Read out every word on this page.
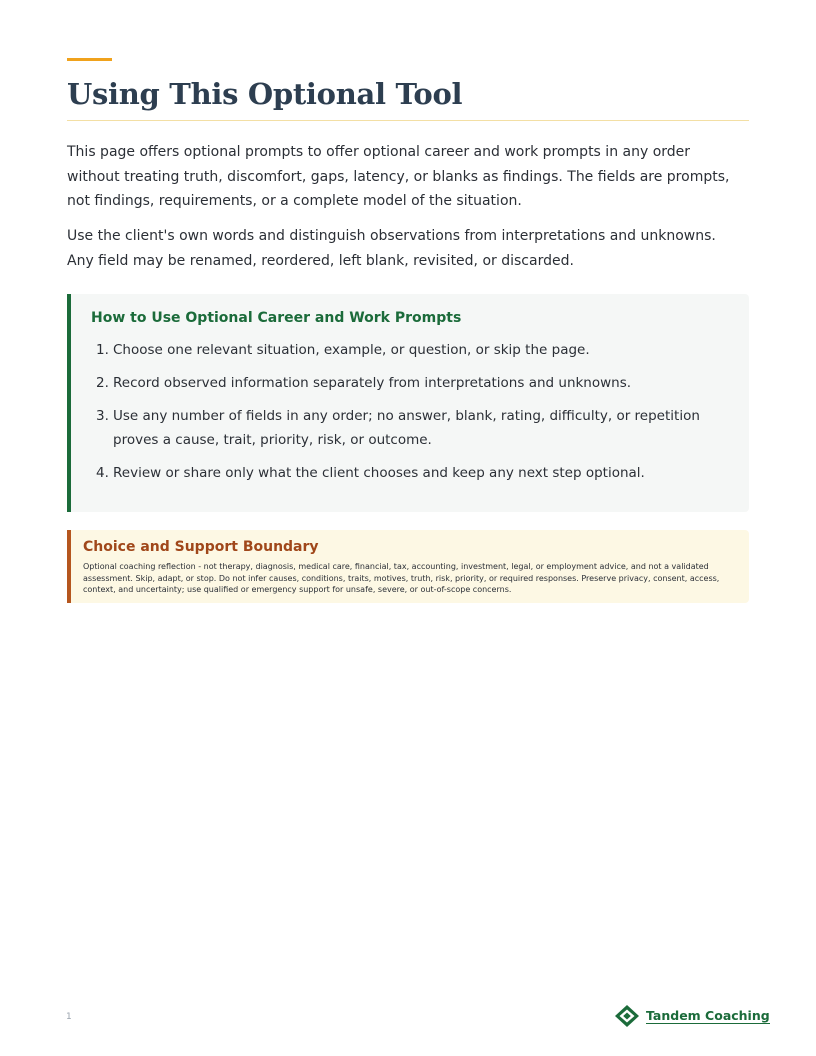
Using This Optional Tool

This page offers optional prompts to offer optional career and work prompts in any order without treating truth, discomfort, gaps, latency, or blanks as findings. The fields are prompts, not findings, requirements, or a complete model of the situation.

Use the client's own words and distinguish observations from interpretations and unknowns. Any field may be renamed, reordered, left blank, revisited, or discarded.

How to Use Optional Career and Work Prompts
1. Choose one relevant situation, example, or question, or skip the page.
2. Record observed information separately from interpretations and unknowns.
3. Use any number of fields in any order; no answer, blank, rating, difficulty, or repetition proves a cause, trait, priority, risk, or outcome.
4. Review or share only what the client chooses and keep any next step optional.
Choice and Support Boundary

Optional coaching reflection - not therapy, diagnosis, medical care, financial, tax, accounting, investment, legal, or employment advice, and not a validated assessment. Skip, adapt, or stop. Do not infer causes, conditions, traits, motives, truth, risk, priority, or required responses. Preserve privacy, consent, access, context, and uncertainty; use qualified or emergency support for unsafe, severe, or out-of-scope concerns.

1	Tandem Coaching
